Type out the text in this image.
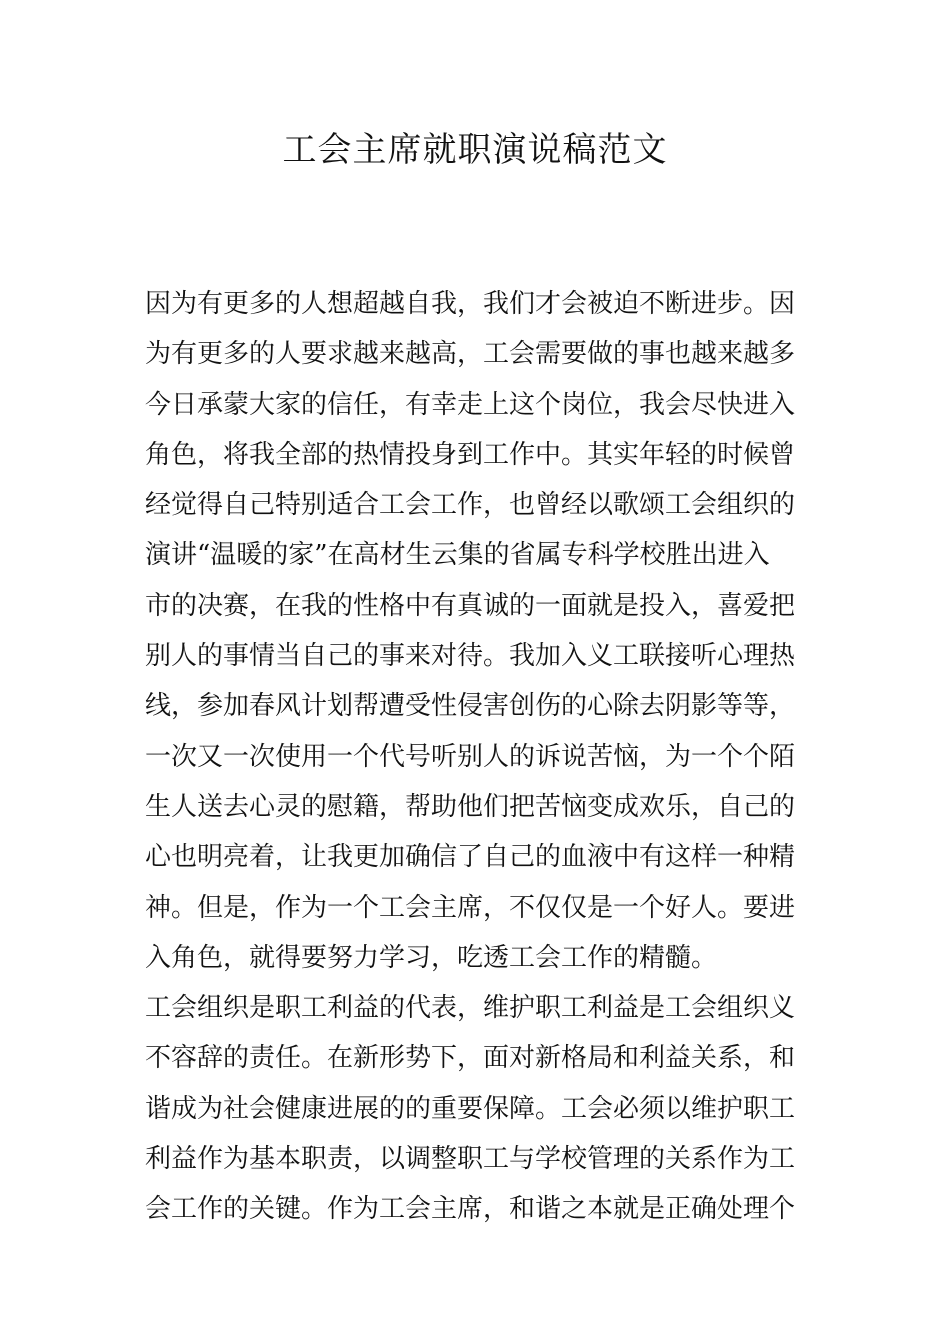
工会主席就职演说稿范文
因为有更多的人想超越自我，我们才会被迫不断进步。因
为有更多的人要求越来越高，工会需要做的事也越来越多
今日承蒙大家的信任，有幸走上这个岗位，我会尽快进入
角色，将我全部的热情投身到工作中。其实年轻的时候曾
经觉得自己特别适合工会工作，也曾经以歌颂工会组织的
演讲“温暖的家”在高材生云集的省属专科学校胜出进入
市的决赛，在我的性格中有真诚的一面就是投入，喜爱把
别人的事情当自己的事来对待。我加入义工联接听心理热
线，参加春风计划帮遭受性侵害创伤的心除去阴影等等，
一次又一次使用一个代号听别人的诉说苦恼，为一个个陌
生人送去心灵的慰籍，帮助他们把苦恼变成欢乐，自己的
心也明亮着，让我更加确信了自己的血液中有这样一种精
神。但是，作为一个工会主席，不仅仅是一个好人。要进
入角色，就得要努力学习，吃透工会工作的精髓。
工会组织是职工利益的代表，维护职工利益是工会组织义
不容辞的责任。在新形势下，面对新格局和利益关系，和
谐成为社会健康进展的的重要保障。工会必须以维护职工
利益作为基本职责，以调整职工与学校管理的关系作为工
会工作的关键。作为工会主席，和谐之本就是正确处理个
